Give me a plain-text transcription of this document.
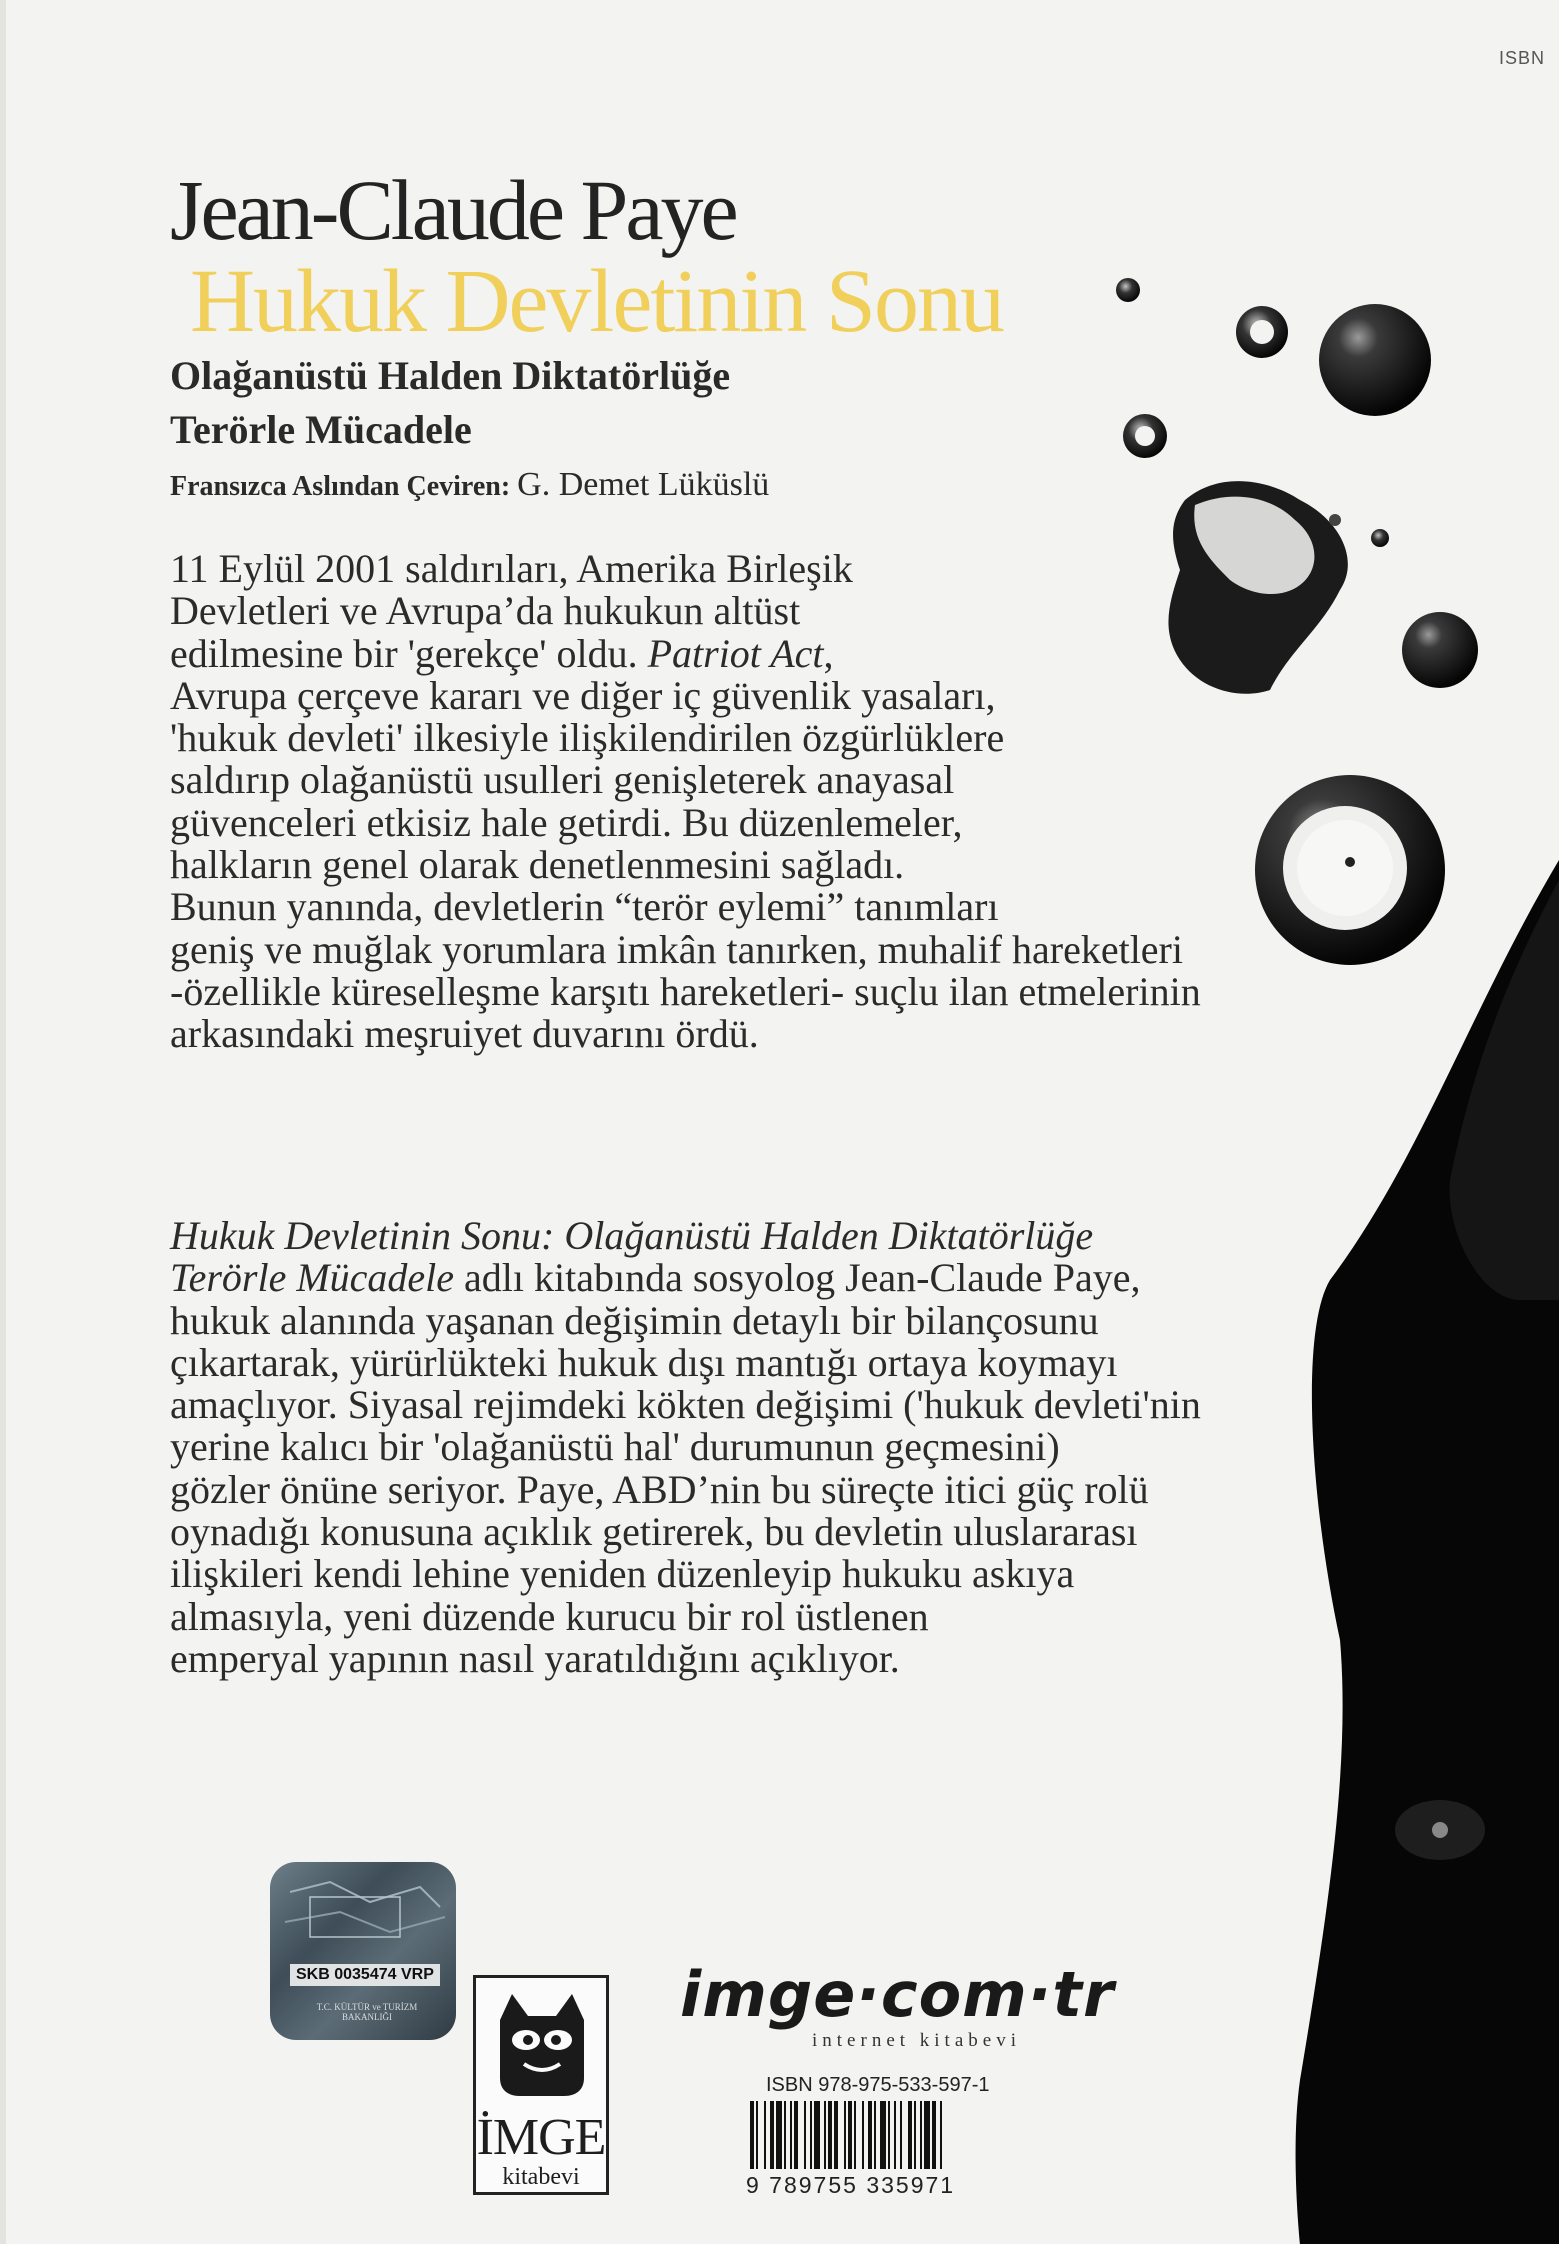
ISBN
Jean-Claude Paye
Hukuk Devletinin Sonu
Olağanüstü Halden Diktatörlüğe
Terörle Mücadele
Fransızca Aslından Çeviren: G. Demet Lüküslü
11 Eylül 2001 saldırıları, Amerika Birleşik
Devletleri ve Avrupa’da hukukun altüst
edilmesine bir 'gerekçe' oldu. Patriot Act,
Avrupa çerçeve kararı ve diğer iç güvenlik yasaları,
'hukuk devleti' ilkesiyle ilişkilendirilen özgürlüklere
saldırıp olağanüstü usulleri genişleterek anayasal
güvenceleri etkisiz hale getirdi. Bu düzenlemeler,
halkların genel olarak denetlenmesini sağladı.
Bunun yanında, devletlerin “terör eylemi” tanımları
geniş ve muğlak yorumlara imkân tanırken, muhalif hareketleri
-özellikle küreselleşme karşıtı hareketleri- suçlu ilan etmelerinin
arkasındaki meşruiyet duvarını ördü.
Hukuk Devletinin Sonu: Olağanüstü Halden Diktatörlüğe
Terörle Mücadele adlı kitabında sosyolog Jean-Claude Paye,
hukuk alanında yaşanan değişimin detaylı bir bilançosunu
çıkartarak, yürürlükteki hukuk dışı mantığı ortaya koymayı
amaçlıyor. Siyasal rejimdeki kökten değişimi ('hukuk devleti'nin
yerine kalıcı bir 'olağanüstü hal' durumunun geçmesini)
gözler önüne seriyor. Paye, ABD’nin bu süreçte itici güç rolü
oynadığı konusuna açıklık getirerek, bu devletin uluslararası
ilişkileri kendi lehine yeniden düzenleyip hukuku askıya
almasıyla, yeni düzende kurucu bir rol üstlenen
emperyal yapının nasıl yaratıldığını açıklıyor.
SKB 0035474 VRP
T.C. KÜLTÜR ve TURİZM BAKANLIĞI
İMGE
kitabevi
imge·com·tr
internet kitabevi
ISBN 978-975-533-597-1
9 789755 335971
